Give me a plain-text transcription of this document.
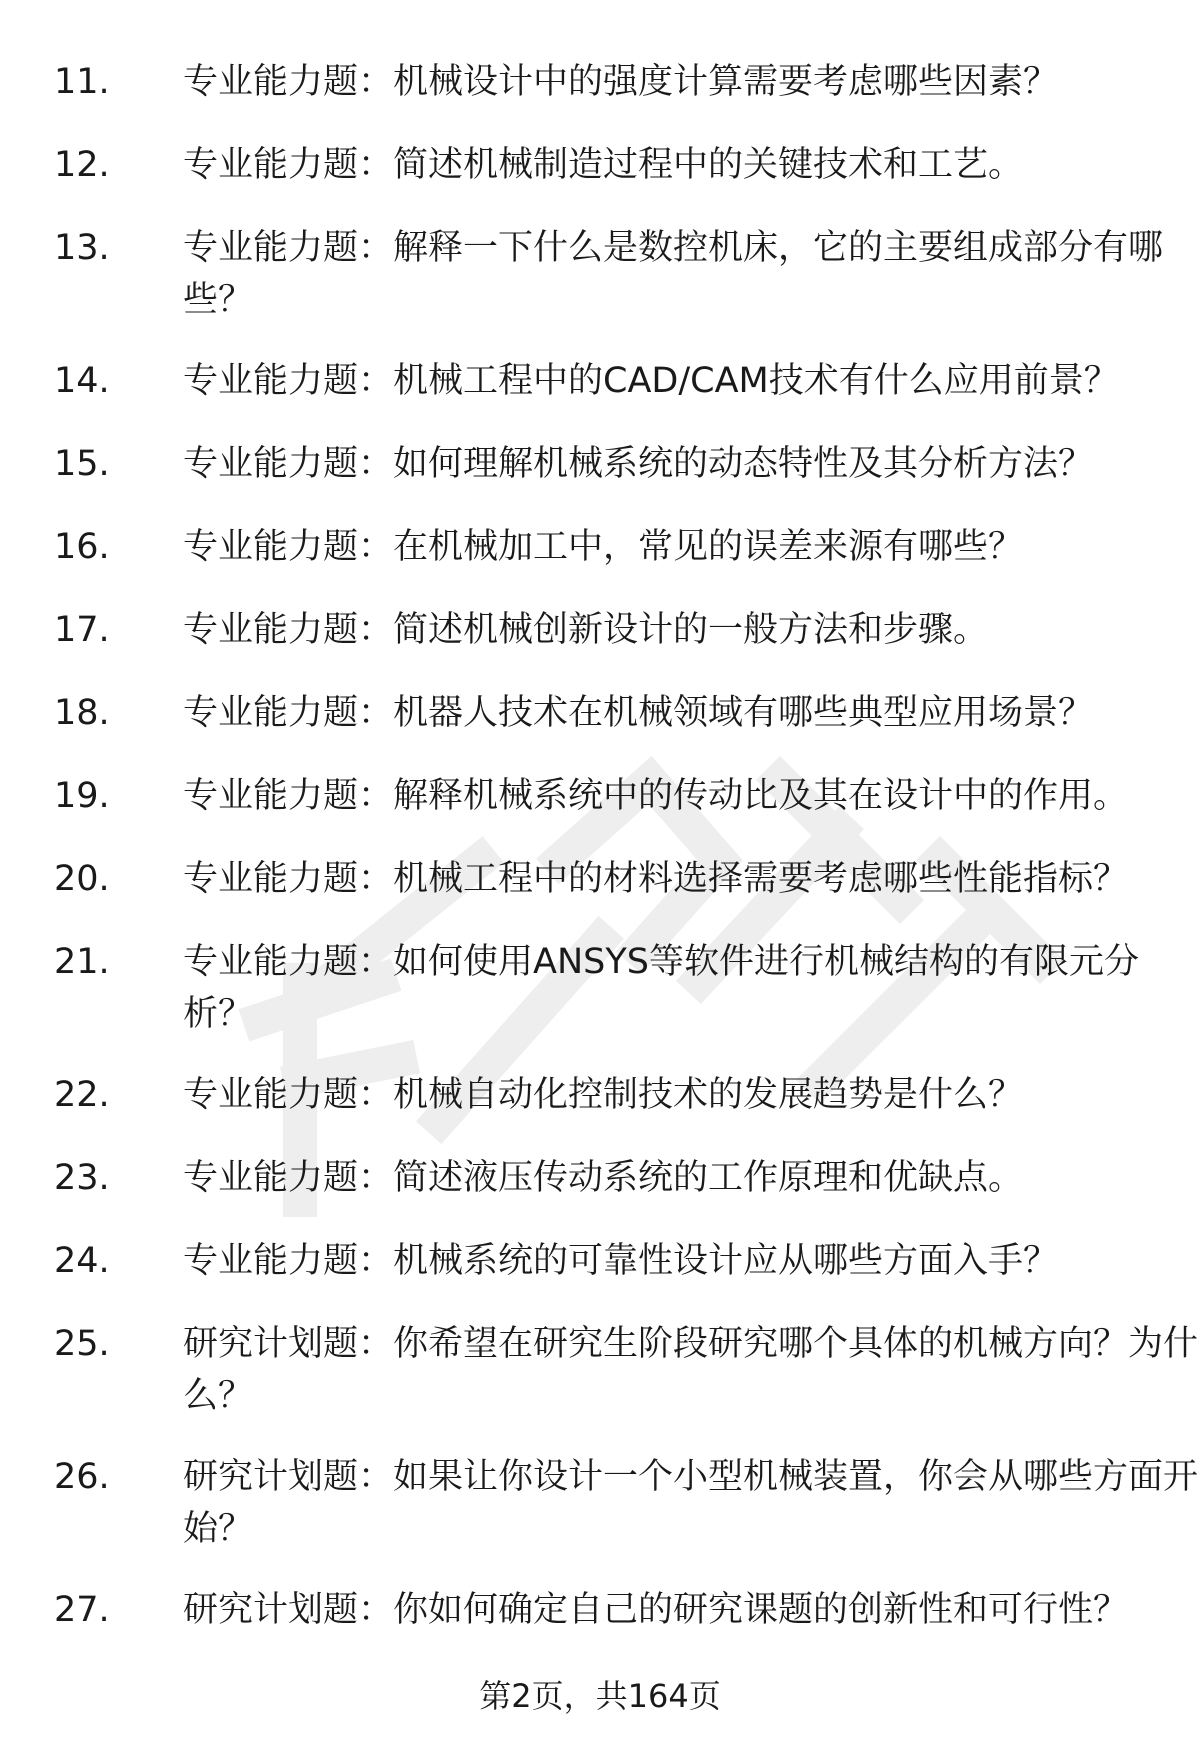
11.	专业能力题：机械设计中的强度计算需要考虑哪些因素？
12.	专业能力题：简述机械制造过程中的关键技术和工艺。
13.	专业能力题：解释一下什么是数控机床，它的主要组成部分有哪些？
14.	专业能力题：机械工程中的CAD/CAM技术有什么应用前景？
15.	专业能力题：如何理解机械系统的动态特性及其分析方法？
16.	专业能力题：在机械加工中，常见的误差来源有哪些？
17.	专业能力题：简述机械创新设计的一般方法和步骤。
18.	专业能力题：机器人技术在机械领域有哪些典型应用场景？
19.	专业能力题：解释机械系统中的传动比及其在设计中的作用。
20.	专业能力题：机械工程中的材料选择需要考虑哪些性能指标？
21.	专业能力题：如何使用ANSYS等软件进行机械结构的有限元分析？
22.	专业能力题：机械自动化控制技术的发展趋势是什么？
23.	专业能力题：简述液压传动系统的工作原理和优缺点。
24.	专业能力题：机械系统的可靠性设计应从哪些方面入手？
25.	研究计划题：你希望在研究生阶段研究哪个具体的机械方向？为什么？
26.	研究计划题：如果让你设计一个小型机械装置，你会从哪些方面开始？
27.	研究计划题：你如何确定自己的研究课题的创新性和可行性？
第2页，共164页
